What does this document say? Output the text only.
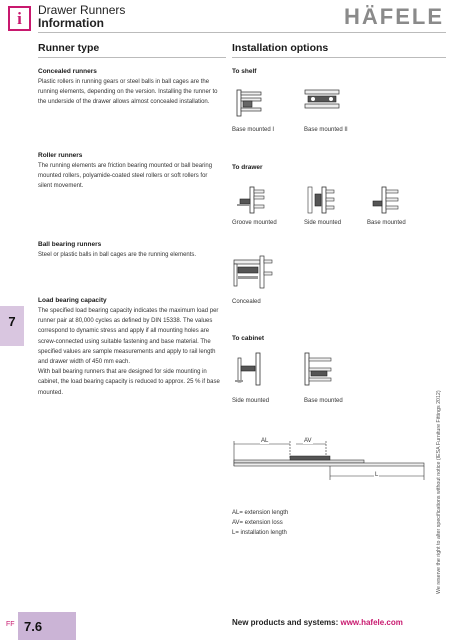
i	Drawer Runners
Information	HÄFELE
Runner type	Installation options
Concealed runners
Plastic rollers in running gears or steel balls in ball cages are the
running elements, depending on the version. Installing the runner to
the underside of the drawer allows almost concealed installation.
Roller runners
The running elements are friction bearing mounted or ball bearing
mounted rollers, polyamide-coated steel rollers or soft rollers for
silent movement.
Ball bearing runners
Steel or plastic balls in ball cages are the running elements.
Load bearing capacity
The specified load bearing capacity indicates the maximum load per
runner pair at 80,000 cycles as defined by DIN 15338. The values
correspond to dynamic stress and apply if all mounting holes are
screw-connected using suitable fastening and base material. The
specified values are sample measurements and apply to rail length
and drawer width of 450 mm each.
With ball bearing runners that are designed for side mounting in
cabinet, the load bearing capacity is reduced to approx. 25 % if base
mounted.
7
To shelf
Base mounted I	Base mounted II
To drawer
Groove mounted	Side mounted	Base mounted
Concealed
To cabinet
Side mounted	Base mounted
AL	AV
L
AL= extension length
AV= extension loss
L= installation length	We reserve the right to alter specifications without notice (IESA Furniture Fittings 2012)
FF 7.6	New products and systems: www.hafele.com
